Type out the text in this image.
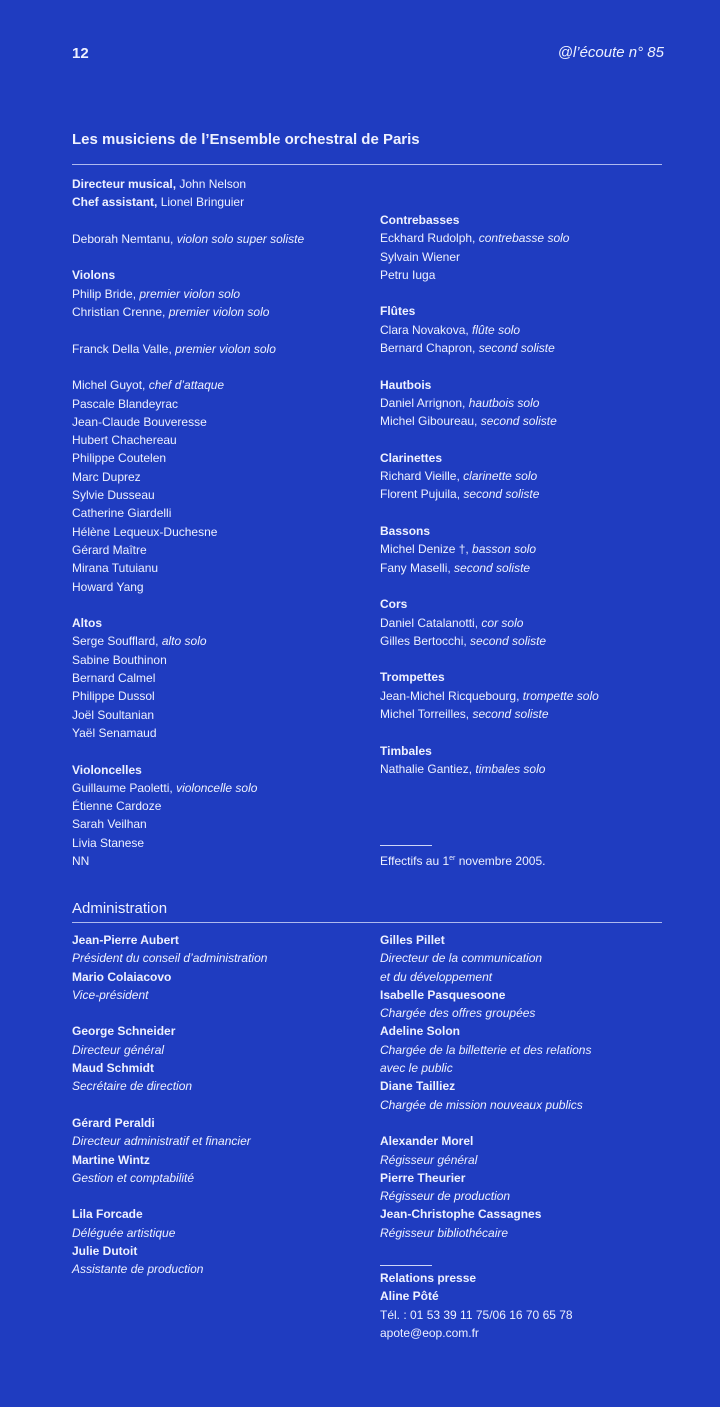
12	@l’écoute n° 85
Les musiciens de l’Ensemble orchestral de Paris
Directeur musical, John Nelson
Chef assistant, Lionel Bringuier
Deborah Nemtanu, violon solo super soliste
Violons
Philip Bride, premier violon solo
Christian Crenne, premier violon solo
Franck Della Valle, premier violon solo
Michel Guyot, chef d’attaque
Pascale Blandeyrac
Jean-Claude Bouveresse
Hubert Chachereau
Philippe Coutelen
Marc Duprez
Sylvie Dusseau
Catherine Giardelli
Hélène Lequeux-Duchesne
Gérard Maître
Mirana Tutuianu
Howard Yang
Altos
Serge Soufflard, alto solo
Sabine Bouthinon
Bernard Calmel
Philippe Dussol
Joël Soultanian
Yaël Senamaud
Violoncelles
Guillaume Paoletti, violoncelle solo
Étienne Cardoze
Sarah Veilhan
Livia Stanese
NN
Contrebasses
Eckhard Rudolph, contrebasse solo
Sylvain Wiener
Petru Iuga
Flûtes
Clara Novakova, flûte solo
Bernard Chapron, second soliste
Hautbois
Daniel Arrignon, hautbois solo
Michel Giboureau, second soliste
Clarinettes
Richard Vieille, clarinette solo
Florent Pujuila, second soliste
Bassons
Michel Denize †, basson solo
Fany Maselli, second soliste
Cors
Daniel Catalanotti, cor solo
Gilles Bertocchi, second soliste
Trompettes
Jean-Michel Ricquebourg, trompette solo
Michel Torreilles, second soliste
Timbales
Nathalie Gantiez, timbales solo
Effectifs au 1er novembre 2005.
Administration
Jean-Pierre Aubert
Président du conseil d’administration
Mario Colaiacovo
Vice-président
George Schneider
Directeur général
Maud Schmidt
Secrétaire de direction
Gérard Peraldi
Directeur administratif et financier
Martine Wintz
Gestion et comptabilité
Lila Forcade
Déléguée artistique
Julie Dutoit
Assistante de production
Gilles Pillet
Directeur de la communication
et du développement
Isabelle Pasquesoone
Chargée des offres groupées
Adeline Solon
Chargée de la billetterie et des relations
avec le public
Diane Tailliez
Chargée de mission nouveaux publics
Alexander Morel
Régisseur général
Pierre Theurier
Régisseur de production
Jean-Christophe Cassagnes
Régisseur bibliothécaire
Relations presse
Aline Pôté
Tél. : 01 53 39 11 75/06 16 70 65 78
apote@eop.com.fr
